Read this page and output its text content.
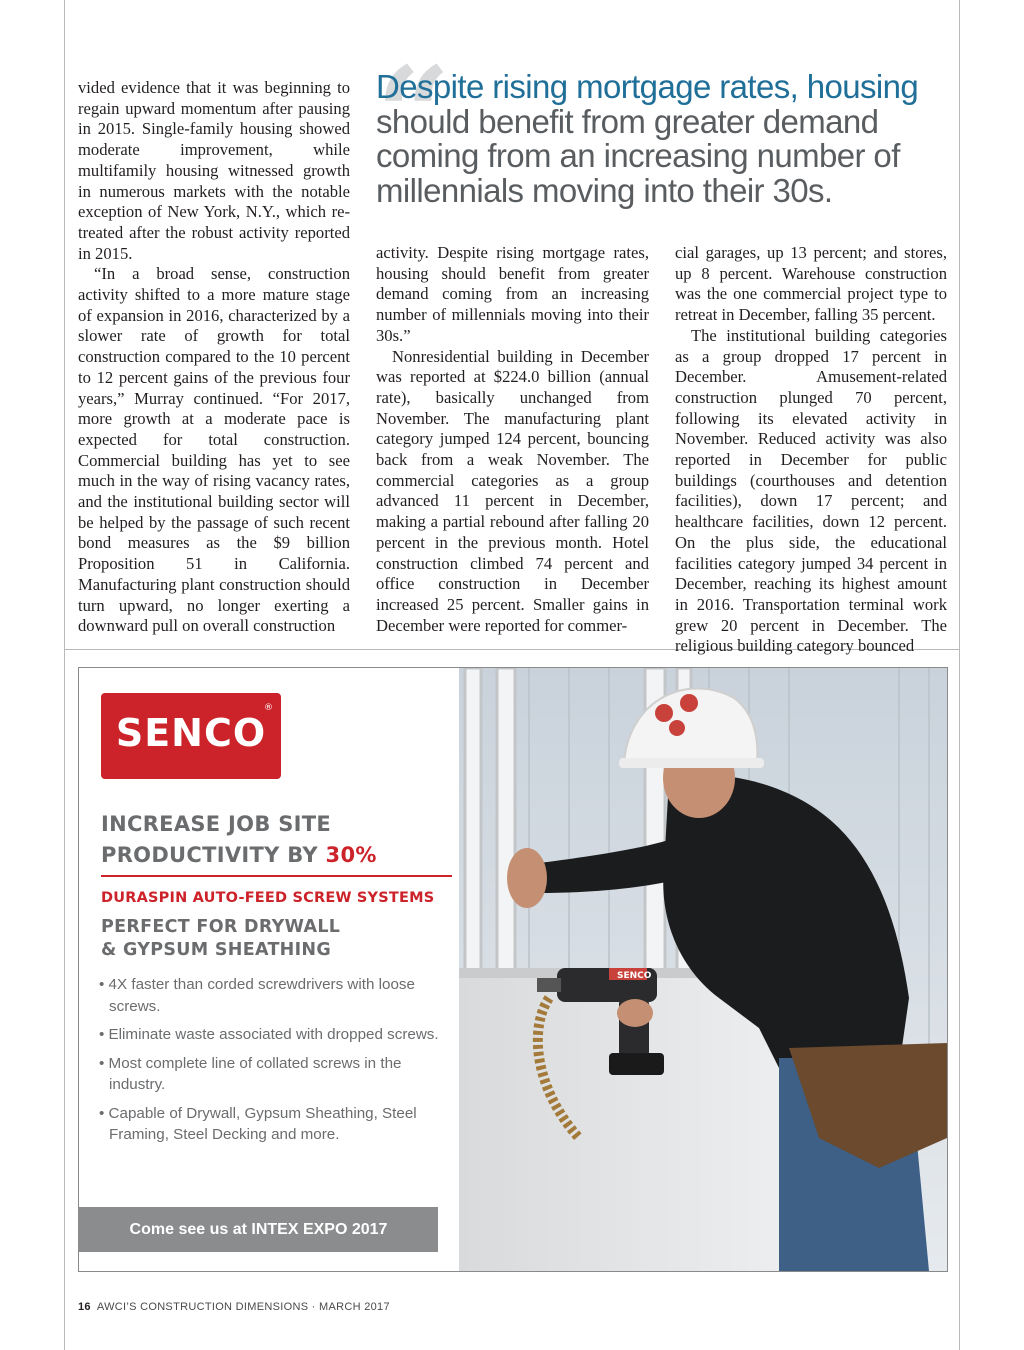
“
Despite rising mortgage rates, housing should benefit from greater demand coming from an increasing number of millennials moving into their 30s.

vided evidence that it was beginning to regain upward momentum after pausing in 2015. Single-family housing showed moderate improvement, while multifamily housing witnessed growth in numerous markets with the notable exception of New York, N.Y., which re-treated after the robust activity reported in 2015.

“In a broad sense, construction activity shifted to a more mature stage of expansion in 2016, characterized by a slower rate of growth for total construction compared to the 10 percent to 12 percent gains of the previous four years,” Murray continued. “For 2017, more growth at a moderate pace is expected for total construction. Commercial building has yet to see much in the way of rising vacancy rates, and the institutional building sector will be helped by the passage of such recent bond measures as the $9 billion Proposition 51 in California. Manufacturing plant construction should turn upward, no longer exerting a downward pull on overall construction

activity. Despite rising mortgage rates, housing should benefit from greater demand coming from an increasing number of millennials moving into their 30s.”

Nonresidential building in December was reported at $224.0 billion (annual rate), basically unchanged from November. The manufacturing plant category jumped 124 percent, bouncing back from a weak November. The commercial categories as a group advanced 11 percent in December, making a partial rebound after falling 20 percent in the previous month. Hotel construction climbed 74 percent and office construction in December increased 25 percent. Smaller gains in December were reported for commer-

cial garages, up 13 percent; and stores, up 8 percent. Warehouse construction was the one commercial project type to retreat in December, falling 35 percent.

The institutional building categories as a group dropped 17 percent in December. Amusement-related construction plunged 70 percent, following its elevated activity in November. Reduced activity was also reported in December for public buildings (courthouses and detention facilities), down 17 percent; and healthcare facilities, down 12 percent. On the plus side, the educational facilities category jumped 34 percent in December, reaching its highest amount in 2016. Transportation terminal work grew 20 percent in December. The religious building category bounced

SENCO
SENCO
®
INCREASE JOB SITE
PRODUCTIVITY BY 30%
DURASPIN AUTO-FEED SCREW SYSTEMS
PERFECT FOR DRYWALL
& GYPSUM SHEATHING
• 4X faster than corded screwdrivers with loose screws.
• Eliminate waste associated with dropped screws.
• Most complete line of collated screws in the industry.
• Capable of Drywall, Gypsum Sheathing, Steel Framing, Steel Decking and more.
Come see us at INTEX EXPO 2017
16 AWCI’S CONSTRUCTION DIMENSIONS · MARCH 2017
